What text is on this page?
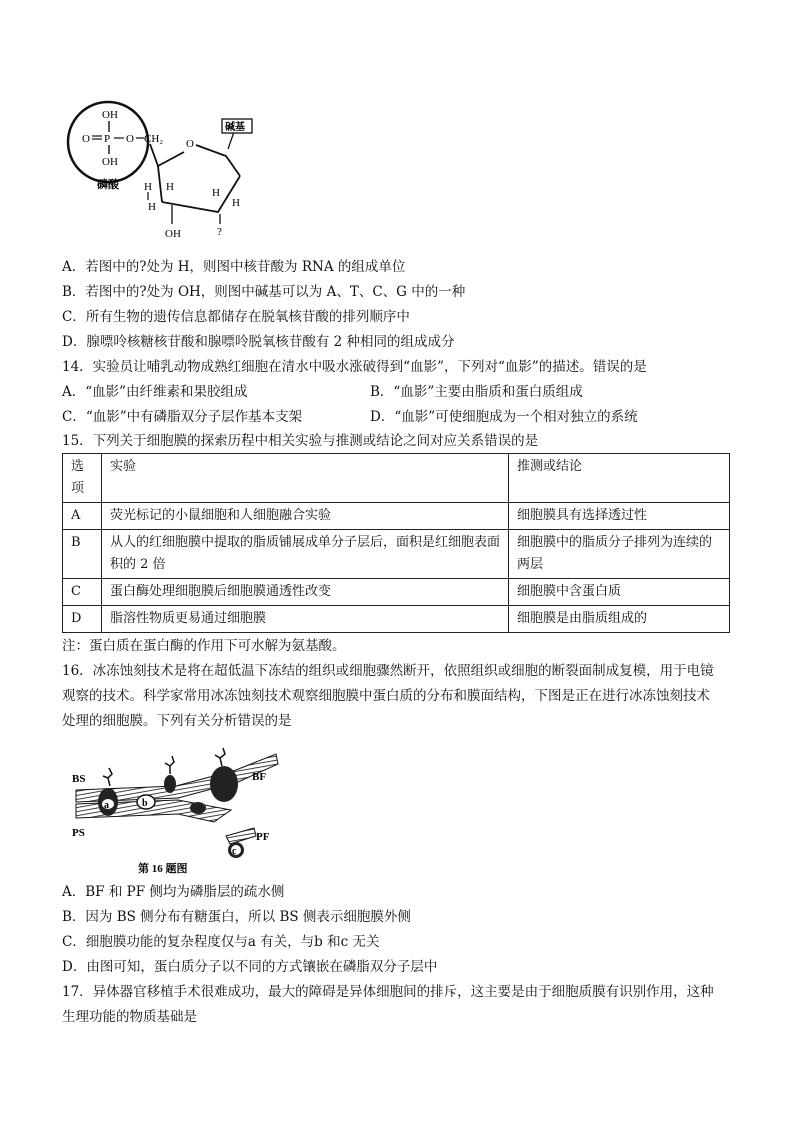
OH
O P O CH₂
OH
磷酸
O
碱基
H H	H
H
H
OH	?
A．若图中的?处为 H，则图中核苷酸为 RNA 的组成单位
B．若图中的?处为 OH，则图中碱基可以为 A、T、C、G 中的一种
C．所有生物的遗传信息都储存在脱氧核苷酸的排列顺序中
D．腺嘌呤核糖核苷酸和腺嘌呤脱氧核苷酸有 2 种相同的组成成分
14．实验员让哺乳动物成熟红细胞在清水中吸水涨破得到“血影”，下列对“血影”的描述。错误的是
A．“血影”由纤维素和果胶组成	B．“血影”主要由脂质和蛋白质组成
C．“血影”中有磷脂双分子层作基本支架	D．“血影”可使细胞成为一个相对独立的系统
15．下列关于细胞膜的探索历程中相关实验与推测或结论之间对应关系错误的是
选项	实验	推测或结论
A	荧光标记的小鼠细胞和人细胞融合实验	细胞膜具有选择透过性
B	从人的红细胞膜中提取的脂质铺展成单分子层后，面积是红细胞表面积的 2 倍	细胞膜中的脂质分子排列为连续的两层
C	蛋白酶处理细胞膜后细胞膜通透性改变	细胞膜中含蛋白质
D	脂溶性物质更易通过细胞膜	细胞膜是由脂质组成的
注：蛋白质在蛋白酶的作用下可水解为氨基酸。
16．冰冻蚀刻技术是将在超低温下冻结的组织或细胞骤然断开，依照组织或细胞的断裂面制成复模，用于电镜
观察的技术。科学家常用冰冻蚀刻技术观察细胞膜中蛋白质的分布和膜面结构，下图是正在进行冰冻蚀刻技术
处理的细胞膜。下列有关分析错误的是
a	b
c
BS
PS
BF
PF
第 16 题图
A．BF 和 PF 侧均为磷脂层的疏水侧
B．因为 BS 侧分布有糖蛋白，所以 BS 侧表示细胞膜外侧
C．细胞膜功能的复杂程度仅与a 有关，与b 和c 无关
D．由图可知，蛋白质分子以不同的方式镶嵌在磷脂双分子层中
17．异体器官移植手术很难成功，最大的障碍是异体细胞间的排斥，这主要是由于细胞质膜有识别作用，这种
生理功能的物质基础是
